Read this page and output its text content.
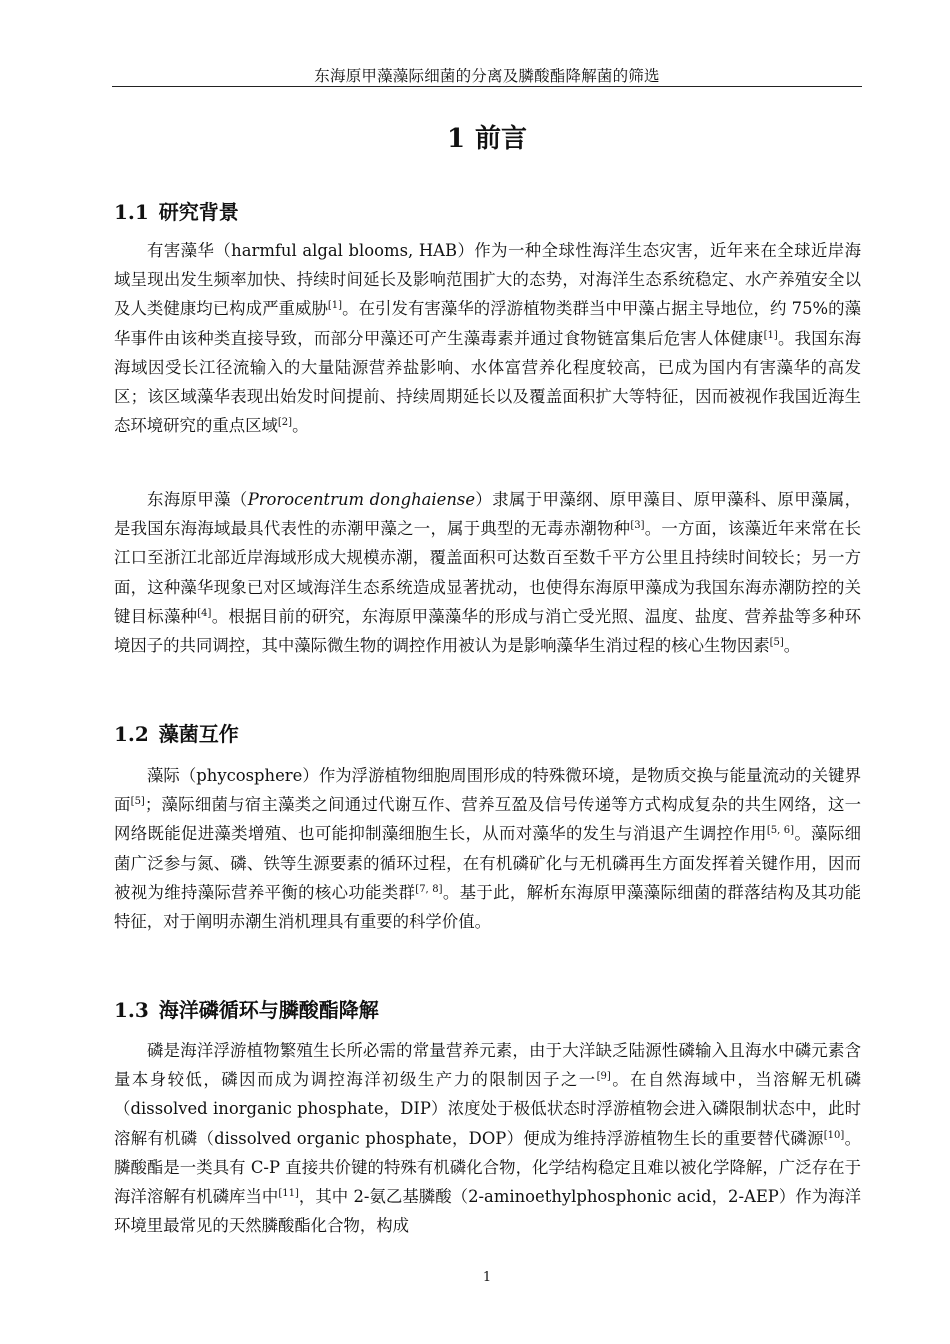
东海原甲藻藻际细菌的分离及膦酸酯降解菌的筛选
1 前言
1.1 研究背景

有害藻华（harmful algal blooms, HAB）作为一种全球性海洋生态灾害，近年来在全球近岸海域呈现出发生频率加快、持续时间延长及影响范围扩大的态势，对海洋生态系统稳定、水产养殖安全以及人类健康均已构成严重威胁[1]。在引发有害藻华的浮游植物类群当中甲藻占据主导地位，约 75%的藻华事件由该种类直接导致，而部分甲藻还可产生藻毒素并通过食物链富集后危害人体健康[1]。我国东海海域因受长江径流输入的大量陆源营养盐影响、水体富营养化程度较高，已成为国内有害藻华的高发区；该区域藻华表现出始发时间提前、持续周期延长以及覆盖面积扩大等特征，因而被视作我国近海生态环境研究的重点区域[2]。

东海原甲藻（Prorocentrum donghaiense）隶属于甲藻纲、原甲藻目、原甲藻科、原甲藻属，是我国东海海域最具代表性的赤潮甲藻之一，属于典型的无毒赤潮物种[3]。一方面，该藻近年来常在长江口至浙江北部近岸海域形成大规模赤潮，覆盖面积可达数百至数千平方公里且持续时间较长；另一方面，这种藻华现象已对区域海洋生态系统造成显著扰动，也使得东海原甲藻成为我国东海赤潮防控的关键目标藻种[4]。根据目前的研究，东海原甲藻藻华的形成与消亡受光照、温度、盐度、营养盐等多种环境因子的共同调控，其中藻际微生物的调控作用被认为是影响藻华生消过程的核心生物因素[5]。

1.2 藻菌互作

藻际（phycosphere）作为浮游植物细胞周围形成的特殊微环境，是物质交换与能量流动的关键界面[5]；藻际细菌与宿主藻类之间通过代谢互作、营养互盈及信号传递等方式构成复杂的共生网络，这一网络既能促进藻类增殖、也可能抑制藻细胞生长，从而对藻华的发生与消退产生调控作用[5, 6]。藻际细菌广泛参与氮、磷、铁等生源要素的循环过程，在有机磷矿化与无机磷再生方面发挥着关键作用，因而被视为维持藻际营养平衡的核心功能类群[7, 8]。基于此，解析东海原甲藻藻际细菌的群落结构及其功能特征，对于阐明赤潮生消机理具有重要的科学价值。

1.3 海洋磷循环与膦酸酯降解

磷是海洋浮游植物繁殖生长所必需的常量营养元素，由于大洋缺乏陆源性磷输入且海水中磷元素含量本身较低，磷因而成为调控海洋初级生产力的限制因子之一[9]。在自然海域中，当溶解无机磷（dissolved inorganic phosphate，DIP）浓度处于极低状态时浮游植物会进入磷限制状态中，此时溶解有机磷（dissolved organic phosphate，DOP）便成为维持浮游植物生长的重要替代磷源[10]。膦酸酯是一类具有 C-P 直接共价键的特殊有机磷化合物，化学结构稳定且难以被化学降解，广泛存在于海洋溶解有机磷库当中[11]，其中 2-氨乙基膦酸（2-aminoethylphosphonic acid，2-AEP）作为海洋环境里最常见的天然膦酸酯化合物，构成

1
